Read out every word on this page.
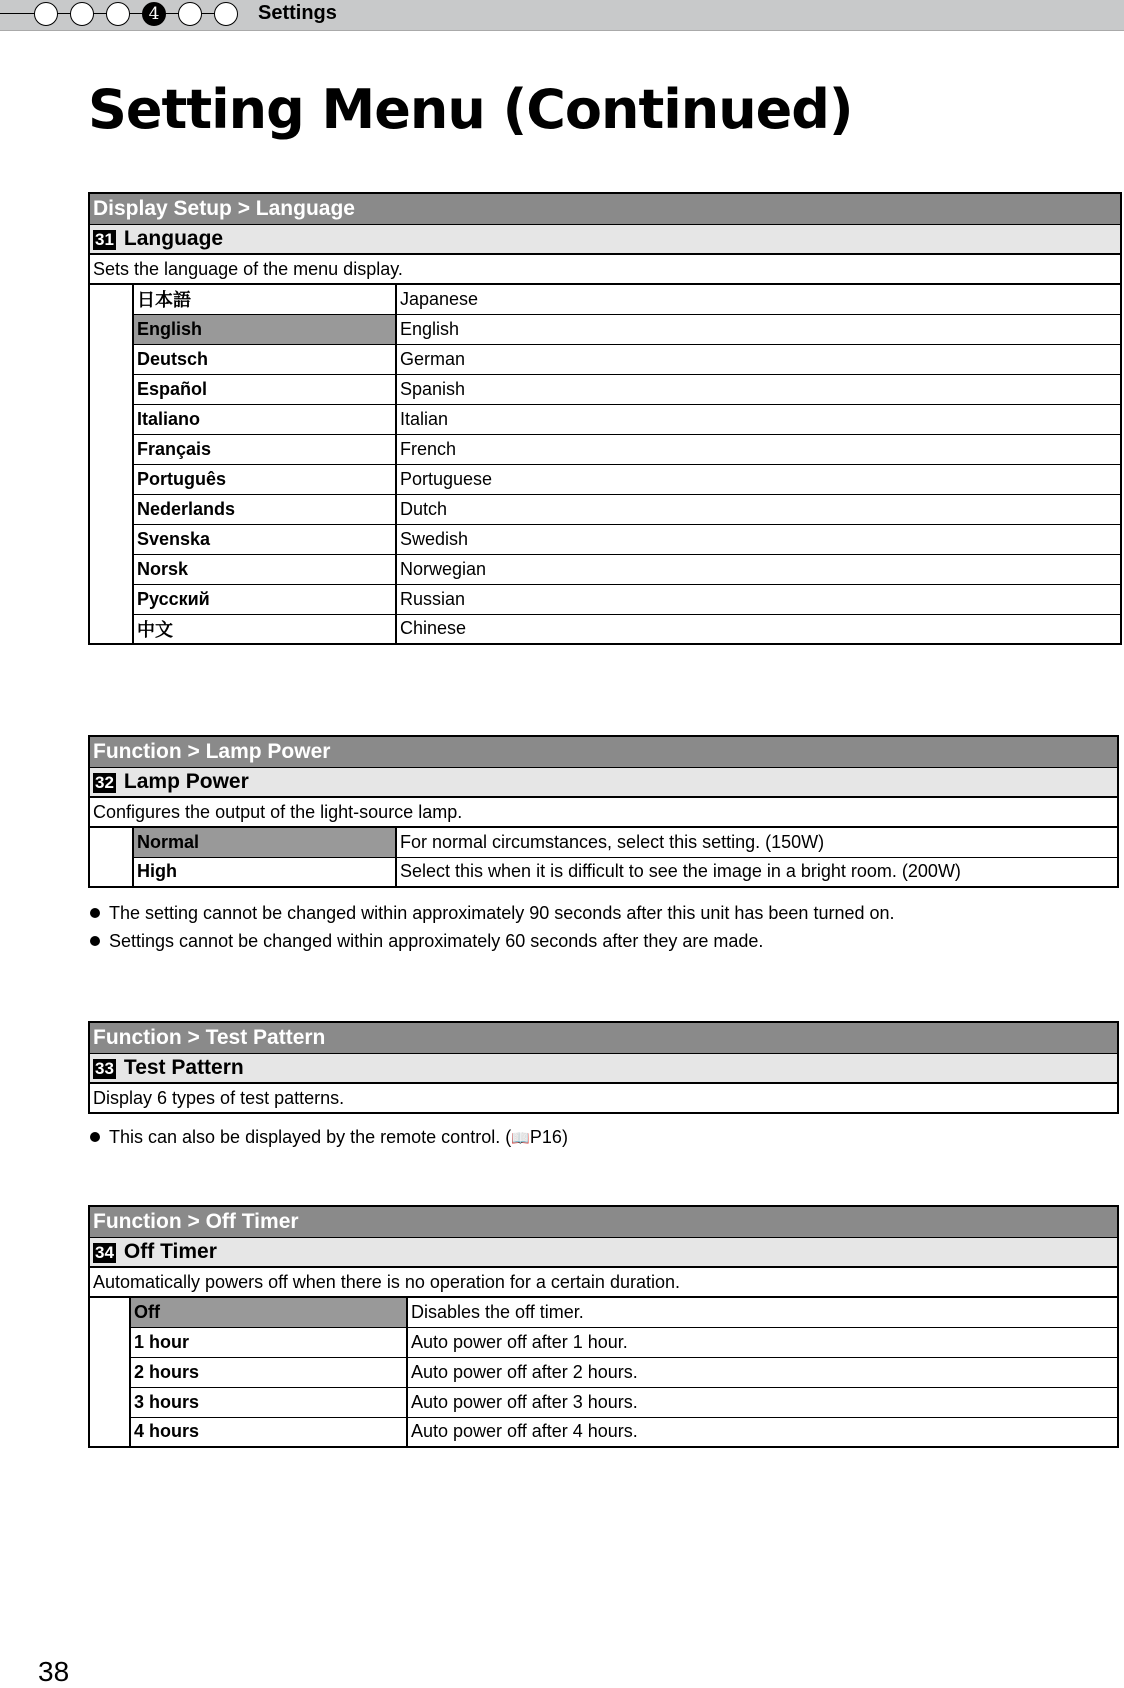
4	Settings
Setting Menu (Continued)
Display Setup > Language		
31 Language		
Sets the language of the menu display.		
	日本語	Japanese
	English	English
	Deutsch	German
	Español	Spanish
	Italiano	Italian
	Français	French
	Português	Portuguese
	Nederlands	Dutch
	Svenska	Swedish
	Norsk	Norwegian
	Русский	Russian
	中文	Chinese
Function > Lamp Power		
32 Lamp Power		
Configures the output of the light-source lamp.		
	Normal	For normal circumstances, select this setting. (150W)
	High	Select this when it is difficult to see the image in a bright room. (200W)
The setting cannot be changed within approximately 90 seconds after this unit has been turned on.
Settings cannot be changed within approximately 60 seconds after they are made.
Function > Test Pattern
33 Test Pattern
Display 6 types of test patterns.
This can also be displayed by the remote control. (📖P16)
Function > Off Timer		
34 Off Timer		
Automatically powers off when there is no operation for a certain duration.		
	Off	Disables the off timer.
	1 hour	Auto power off after 1 hour.
	2 hours	Auto power off after 2 hours.
	3 hours	Auto power off after 3 hours.
	4 hours	Auto power off after 4 hours.
38
